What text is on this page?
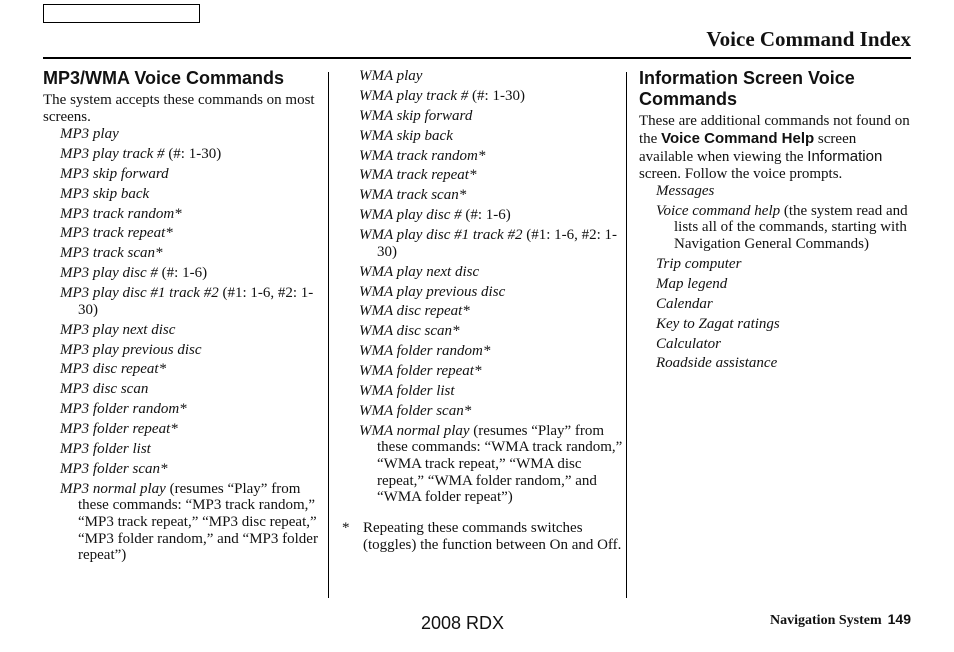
Voice Command Index
MP3/WMA Voice Commands
The system accepts these commands on most screens.
MP3 play
MP3 play track # (#: 1-30)
MP3 skip forward
MP3 skip back
MP3 track random*
MP3 track repeat*
MP3 track scan*
MP3 play disc # (#: 1-6)
MP3 play disc #1 track #2 (#1: 1-6, #2: 1-30)
MP3 play next disc
MP3 play previous disc
MP3 disc repeat*
MP3 disc scan
MP3 folder random*
MP3 folder repeat*
MP3 folder list
MP3 folder scan*
MP3 normal play (resumes “Play” from these commands: “MP3 track random,” “MP3 track repeat,” “MP3 disc repeat,” “MP3 folder random,” and “MP3 folder repeat”)
WMA play
WMA play track # (#: 1-30)
WMA skip forward
WMA skip back
WMA track random*
WMA track repeat*
WMA track scan*
WMA play disc # (#: 1-6)
WMA play disc #1 track #2 (#1: 1-6, #2: 1-30)
WMA play next disc
WMA play previous disc
WMA disc repeat*
WMA disc scan*
WMA folder random*
WMA folder repeat*
WMA folder list
WMA folder scan*
WMA normal play (resumes “Play” from these commands: “WMA track random,” “WMA track repeat,” “WMA disc repeat,” “WMA folder random,” and “WMA folder repeat”)
* Repeating these commands switches (toggles) the function between On and Off.
Information Screen Voice Commands
These are additional commands not found on the Voice Command Help screen available when viewing the Information screen. Follow the voice prompts.
Messages
Voice command help (the system read and lists all of the commands, starting with Navigation General Commands)
Trip computer
Map legend
Calendar
Key to Zagat ratings
Calculator
Roadside assistance
2008 RDX	Navigation System 149
